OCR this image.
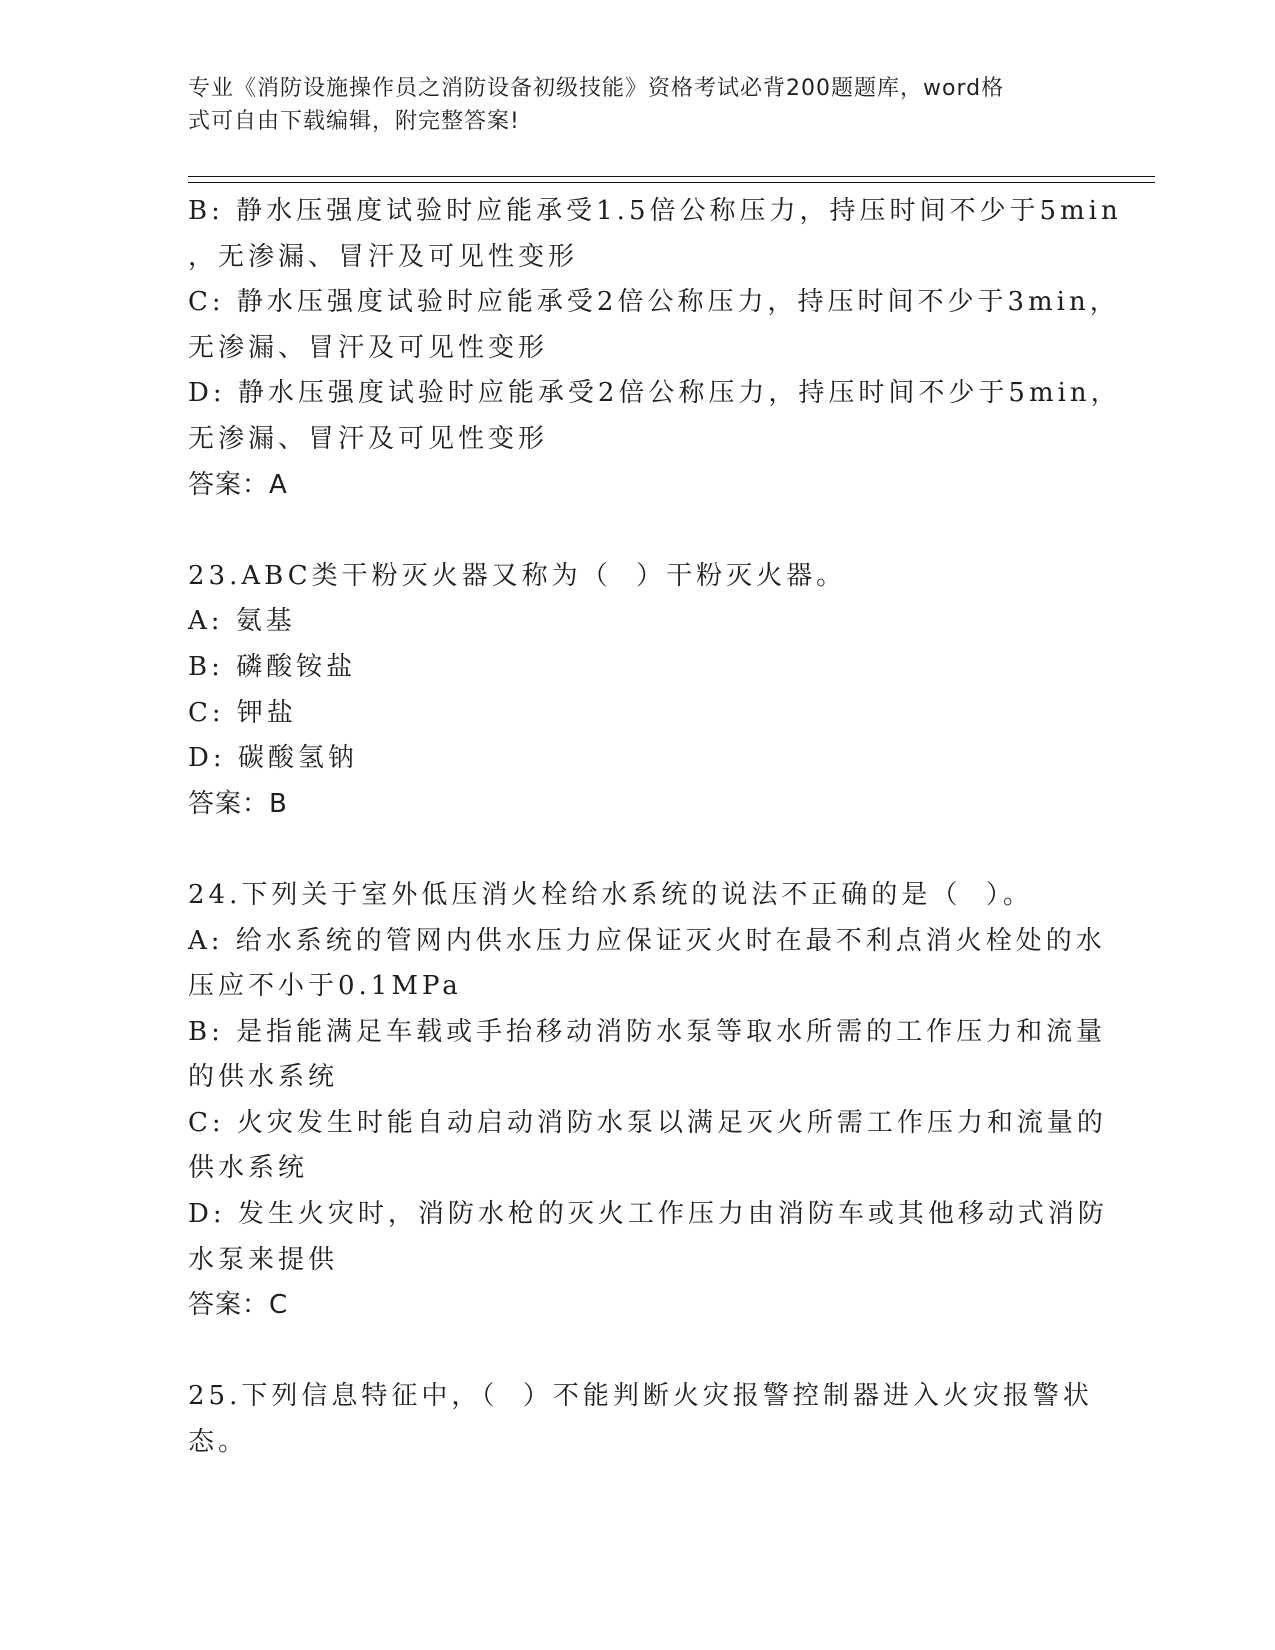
专业《消防设施操作员之消防设备初级技能》资格考试必背200题题库，word格
式可自由下载编辑，附完整答案!
B: 静水压强度试验时应能承受1.5倍公称压力，持压时间不少于5min
，无渗漏、冒汗及可见性变形
C: 静水压强度试验时应能承受2倍公称压力，持压时间不少于3min，
无渗漏、冒汗及可见性变形
D: 静水压强度试验时应能承受2倍公称压力，持压时间不少于5min，
无渗漏、冒汗及可见性变形
答案：A
23.ABC类干粉灭火器又称为（  ）干粉灭火器。
A: 氨基
B: 磷酸铵盐
C: 钾盐
D: 碳酸氢钠
答案：B
24.下列关于室外低压消火栓给水系统的说法不正确的是（  ）。
A: 给水系统的管网内供水压力应保证灭火时在最不利点消火栓处的水
压应不小于0.1MPa
B: 是指能满足车载或手抬移动消防水泵等取水所需的工作压力和流量
的供水系统
C: 火灾发生时能自动启动消防水泵以满足灭火所需工作压力和流量的
供水系统
D: 发生火灾时，消防水枪的灭火工作压力由消防车或其他移动式消防
水泵来提供
答案：C
25.下列信息特征中，（  ）不能判断火灾报警控制器进入火灾报警状
态。
